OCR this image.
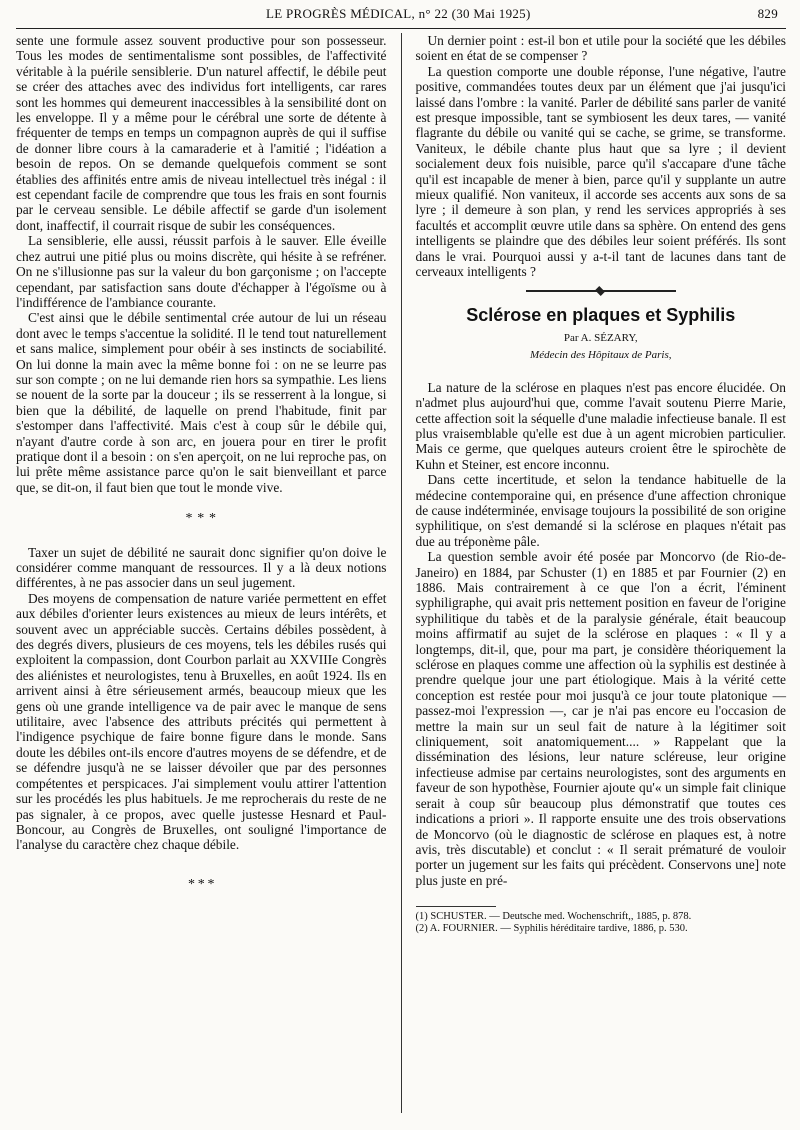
LE PROGRÈS MÉDICAL, n° 22 (30 Mai 1925)	829

sente une formule assez souvent productive pour son possesseur. Tous les modes de sentimentalisme sont possibles, de l'affectivité véritable à la puérile sensiblerie. D'un naturel affectif, le débile peut se créer des attaches avec des individus fort intelligents, car rares sont les hommes qui demeurent inaccessibles à la sensibilité dont on les enveloppe. Il y a même pour le cérébral une sorte de détente à fréquenter de temps en temps un compagnon auprès de qui il suffise de donner libre cours à la camaraderie et à l'amitié ; l'idéation a besoin de repos. On se demande quelquefois comment se sont établies des affinités entre amis de niveau intellectuel très inégal : il est cependant facile de comprendre que tous les frais en sont fournis par le cerveau sensible. Le débile affectif se garde d'un isolement dont, inaffectif, il courrait risque de subir les conséquences.

La sensiblerie, elle aussi, réussit parfois à le sauver. Elle éveille chez autrui une pitié plus ou moins discrète, qui hésite à se refréner. On ne s'illusionne pas sur la valeur du bon garçonisme ; on l'accepte cependant, par satisfaction sans doute d'échapper à l'égoïsme ou à l'indifférence de l'ambiance courante.

C'est ainsi que le débile sentimental crée autour de lui un réseau dont avec le temps s'accentue la solidité. Il le tend tout naturellement et sans malice, simplement pour obéir à ses instincts de sociabilité. On lui donne la main avec la même bonne foi : on ne se leurre pas sur son compte ; on ne lui demande rien hors sa sympathie. Les liens se nouent de la sorte par la douceur ; ils se resserrent à la longue, si bien que la débilité, de laquelle on prend l'habitude, finit par s'estomper dans l'affectivité. Mais c'est à coup sûr le débile qui, n'ayant d'autre corde à son arc, en jouera pour en tirer le profit pratique dont il a besoin : on s'en aperçoit, on ne lui reproche pas, on lui prête même assistance parce qu'on le sait bienveillant et parce que, se dit-on, il faut bien que tout le monde vive.

* * *

Taxer un sujet de débilité ne saurait donc signifier qu'on doive le considérer comme manquant de ressources. Il y a là deux notions différentes, à ne pas associer dans un seul jugement.

Des moyens de compensation de nature variée permettent en effet aux débiles d'orienter leurs existences au mieux de leurs intérêts, et souvent avec un appréciable succès. Certains débiles possèdent, à des degrés divers, plusieurs de ces moyens, tels les débiles rusés qui exploitent la compassion, dont Courbon parlait au XXVIIIe Congrès des aliénistes et neurologistes, tenu à Bruxelles, en août 1924. Ils en arrivent ainsi à être sérieusement armés, beaucoup mieux que les gens où une grande intelligence va de pair avec le manque de sens utilitaire, avec l'absence des attributs précités qui permettent à l'indigence psychique de faire bonne figure dans le monde. Sans doute les débiles ont-ils encore d'autres moyens de se défendre, et de se défendre jusqu'à ne se laisser dévoiler que par des personnes compétentes et perspicaces. J'ai simplement voulu attirer l'attention sur les procédés les plus habituels. Je me reprocherais du reste de ne pas signaler, à ce propos, avec quelle justesse Hesnard et Paul-Boncour, au Congrès de Bruxelles, ont souligné l'importance de l'analyse du caractère chez chaque débile.

* * *

Un dernier point : est-il bon et utile pour la société que les débiles soient en état de se compenser ?

La question comporte une double réponse, l'une négative, l'autre positive, commandées toutes deux par un élément que j'ai jusqu'ici laissé dans l'ombre : la vanité. Parler de débilité sans parler de vanité est presque impossible, tant se symbiosent les deux tares, — vanité flagrante du débile ou vanité qui se cache, se grime, se transforme. Vaniteux, le débile chante plus haut que sa lyre ; il devient socialement deux fois nuisible, parce qu'il s'accapare d'une tâche qu'il est incapable de mener à bien, parce qu'il y supplante un autre mieux qualifié. Non vaniteux, il accorde ses accents aux sons de sa lyre ; il demeure à son plan, y rend les services appropriés à ses facultés et accomplit œuvre utile dans sa sphère. On entend des gens intelligents se plaindre que des débiles leur soient préférés. Ils sont dans le vrai. Pourquoi aussi y a-t-il tant de lacunes dans tant de cerveaux intelligents ?

Sclérose en plaques et Syphilis

Par A. SÉZARY,

Médecin des Hôpitaux de Paris,

La nature de la sclérose en plaques n'est pas encore élucidée. On n'admet plus aujourd'hui que, comme l'avait soutenu Pierre Marie, cette affection soit la séquelle d'une maladie infectieuse banale. Il est plus vraisemblable qu'elle est due à un agent microbien particulier. Mais ce germe, que quelques auteurs croient être le spirochète de Kuhn et Steiner, est encore inconnu.

Dans cette incertitude, et selon la tendance habituelle de la médecine contemporaine qui, en présence d'une affection chronique de cause indéterminée, envisage toujours la possibilité de son origine syphilitique, on s'est demandé si la sclérose en plaques n'était pas due au tréponème pâle.

La question semble avoir été posée par Moncorvo (de Rio-de-Janeiro) en 1884, par Schuster (1) en 1885 et par Fournier (2) en 1886. Mais contrairement à ce que l'on a écrit, l'éminent syphiligraphe, qui avait pris nettement position en faveur de l'origine syphilitique du tabès et de la paralysie générale, était beaucoup moins affirmatif au sujet de la sclérose en plaques : « Il y a longtemps, dit-il, que, pour ma part, je considère théoriquement la sclérose en plaques comme une affection où la syphilis est destinée à prendre quelque jour une part étiologique. Mais à la vérité cette conception est restée pour moi jusqu'à ce jour toute platonique — passez-moi l'expression —, car je n'ai pas encore eu l'occasion de mettre la main sur un seul fait de nature à la légitimer soit cliniquement, soit anatomiquement.... » Rappelant que la dissémination des lésions, leur nature scléreuse, leur origine infectieuse admise par certains neurologistes, sont des arguments en faveur de son hypothèse, Fournier ajoute qu'« un simple fait clinique serait à coup sûr beaucoup plus démonstratif que toutes ces indications a priori ». Il rapporte ensuite une des trois observations de Moncorvo (où le diagnostic de sclérose en plaques est, à notre avis, très discutable) et conclut : « Il serait prématuré de vouloir porter un jugement sur les faits qui précèdent. Conservons une] note plus juste en pré-

(1) SCHUSTER. — Deutsche med. Wochenschrift,, 1885, p. 878.

(2) A. FOURNIER. — Syphilis héréditaire tardive, 1886, p. 530.
